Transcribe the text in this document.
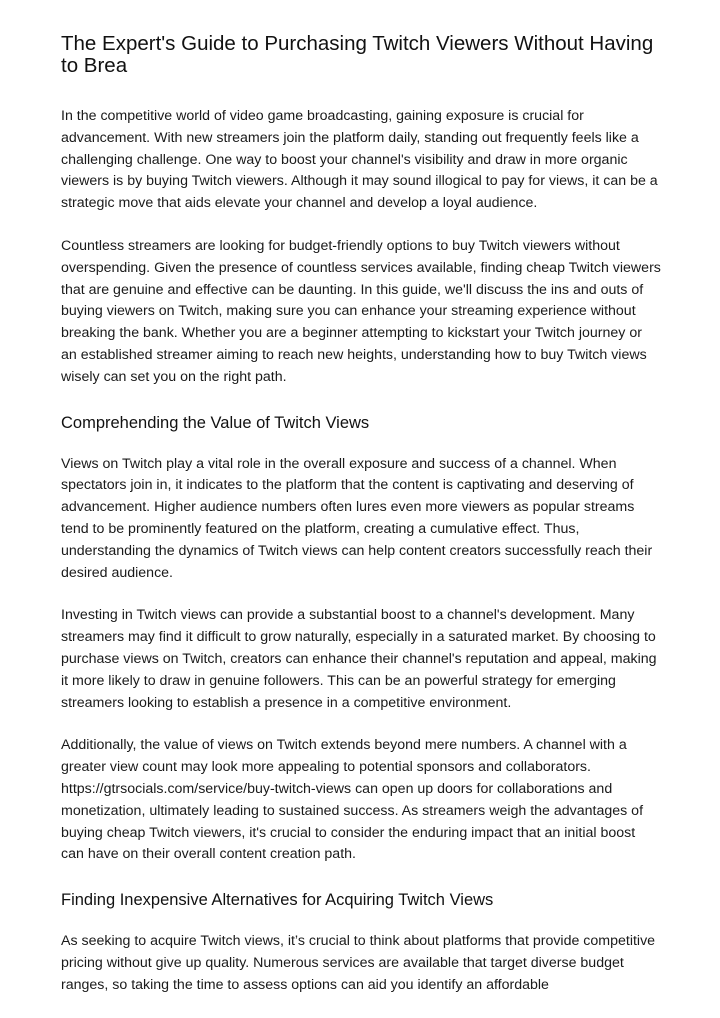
The Expert's Guide to Purchasing Twitch Viewers Without Having to Brea

In the competitive world of video game broadcasting, gaining exposure is crucial for advancement. With new streamers join the platform daily, standing out frequently feels like a challenging challenge. One way to boost your channel's visibility and draw in more organic viewers is by buying Twitch viewers. Although it may sound illogical to pay for views, it can be a strategic move that aids elevate your channel and develop a loyal audience.

Countless streamers are looking for budget-friendly options to buy Twitch viewers without overspending. Given the presence of countless services available, finding cheap Twitch viewers that are genuine and effective can be daunting. In this guide, we'll discuss the ins and outs of buying viewers on Twitch, making sure you can enhance your streaming experience without breaking the bank. Whether you are a beginner attempting to kickstart your Twitch journey or an established streamer aiming to reach new heights, understanding how to buy Twitch views wisely can set you on the right path.

Comprehending the Value of Twitch Views

Views on Twitch play a vital role in the overall exposure and success of a channel. When spectators join in, it indicates to the platform that the content is captivating and deserving of advancement. Higher audience numbers often lures even more viewers as popular streams tend to be prominently featured on the platform, creating a cumulative effect. Thus, understanding the dynamics of Twitch views can help content creators successfully reach their desired audience.

Investing in Twitch views can provide a substantial boost to a channel's development. Many streamers may find it difficult to grow naturally, especially in a saturated market. By choosing to purchase views on Twitch, creators can enhance their channel's reputation and appeal, making it more likely to draw in genuine followers. This can be an powerful strategy for emerging streamers looking to establish a presence in a competitive environment.

Additionally, the value of views on Twitch extends beyond mere numbers. A channel with a greater view count may look more appealing to potential sponsors and collaborators. https://gtrsocials.com/service/buy-twitch-views can open up doors for collaborations and monetization, ultimately leading to sustained success. As streamers weigh the advantages of buying cheap Twitch viewers, it's crucial to consider the enduring impact that an initial boost can have on their overall content creation path.

Finding Inexpensive Alternatives for Acquiring Twitch Views

As seeking to acquire Twitch views, it’s crucial to think about platforms that provide competitive pricing without give up quality. Numerous services are available that target diverse budget ranges, so taking the time to assess options can aid you identify an affordable
